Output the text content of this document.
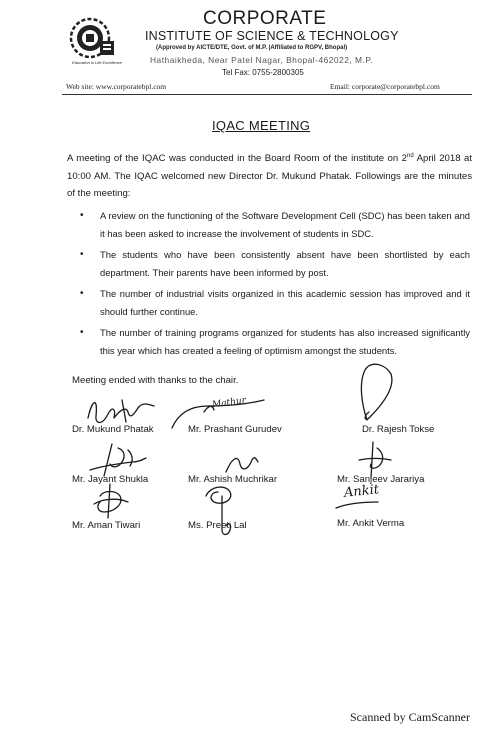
Education is Life Excellence
CORPORATE
INSTITUTE OF SCIENCE & TECHNOLOGY
(Approved by AICTE/DTE, Govt. of M.P. |Affiliated to RGPV, Bhopal)
Hathaikheda, Near Patel Nagar, Bhopal-462022, M.P.
Tel Fax: 0755-2800305
Web site: www.corporatebpl.com	Email: corporate@corporatebpl.com
IQAC MEETING
A meeting of the IQAC was conducted in the Board Room of the institute on 2nd April 2018 at 10:00 AM. The IQAC welcomed new Director Dr. Mukund Phatak. Followings are the minutes of the meeting:
• A review on the functioning of the Software Development Cell (SDC) has been taken and it has been asked to increase the involvement of students in SDC.
• The students who have been consistently absent have been shortlisted by each department. Their parents have been informed by post.
• The number of industrial visits organized in this academic session has improved and it should further continue.
• The number of training programs organized for students has also increased significantly this year which has created a feeling of optimism amongst the students.
Meeting ended with thanks to the chair.
Mathur
Ankit
Dr. Mukund Phatak	Mr. Prashant Gurudev	Dr. Rajesh Tokse
Mr. Jayant Shukla	Mr. Ashish Muchrikar	Mr. Sanjeev Jarariya
Mr. Aman Tiwari	Ms. Preeti Lal	Mr. Ankit Verma
Scanned by CamScanner
